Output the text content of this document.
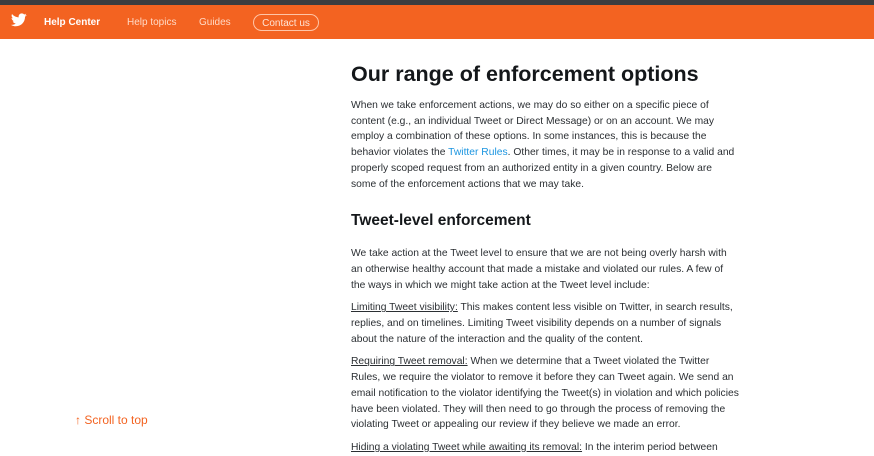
Help Center	Help topics Guides	Contact us
↑ Scroll to top
Our range of enforcement options

When we take enforcement actions, we may do so either on a specific piece of content (e.g., an individual Tweet or Direct Message) or on an account. We may employ a combination of these options. In some instances, this is because the behavior violates the Twitter Rules. Other times, it may be in response to a valid and properly scoped request from an authorized entity in a given country. Below are some of the enforcement actions that we may take.

Tweet-level enforcement

We take action at the Tweet level to ensure that we are not being overly harsh with an otherwise healthy account that made a mistake and violated our rules. A few of the ways in which we might take action at the Tweet level include:

Limiting Tweet visibility: This makes content less visible on Twitter, in search results, replies, and on timelines. Limiting Tweet visibility depends on a number of signals about the nature of the interaction and the quality of the content.

Requiring Tweet removal: When we determine that a Tweet violated the Twitter Rules, we require the violator to remove it before they can Tweet again. We send an email notification to the violator identifying the Tweet(s) in violation and which policies have been violated. They will then need to go through the process of removing the violating Tweet or appealing our review if they believe we made an error.

Hiding a violating Tweet while awaiting its removal: In the interim period between
